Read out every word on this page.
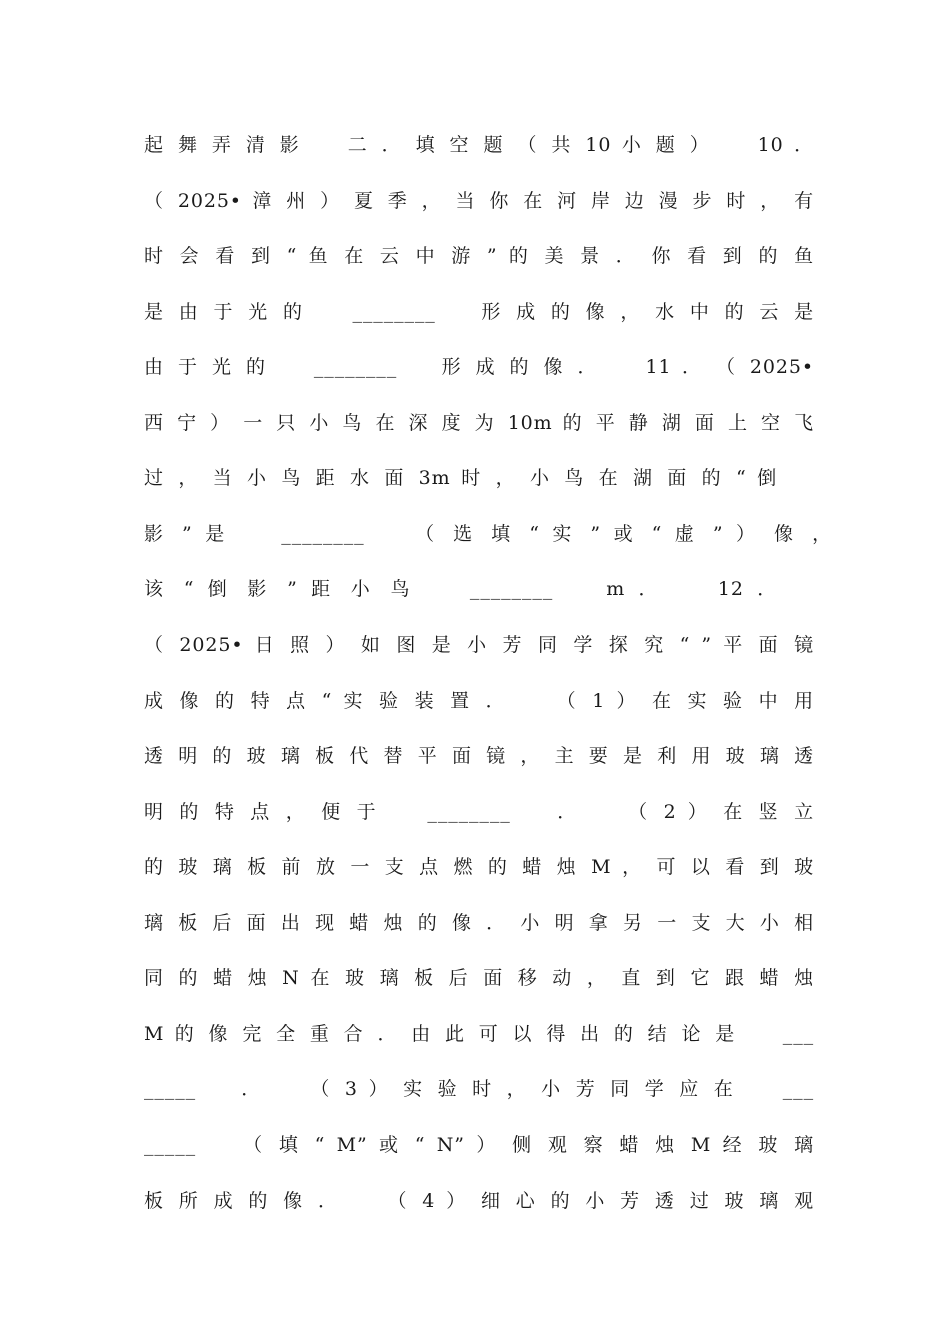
起 舞 弄 清 影 　 二 ． 填 空 题 （ 共 10 小 题 ） 　 10 ．
（ 2025• 漳 州 ） 夏 季 ， 当 你 在 河 岸 边 漫 步 时 ， 有
时 会 看 到 “ 鱼 在 云 中 游 ” 的 美 景 ． 你 看 到 的 鱼
是 由 于 光 的 　 ________ 　 形 成 的 像 ， 水 中 的 云 是
由 于 光 的 　 ________ 　 形 成 的 像 ． 　 11 ． （ 2025•
西 宁 ） 一 只 小 鸟 在 深 度 为 10m 的 平 静 湖 面 上 空 飞
过 ， 当 小 鸟 距 水 面 3m 时 ， 小 鸟 在 湖 面 的 “ 倒 　
影 ” 是 　 ________ 　 （ 选 填 “ 实 ” 或 “ 虚 ” ） 像 ，
该 “ 倒 影 ” 距 小 鸟 　 ________ 　 m ． 　 12 ． 　
（ 2025• 日 照 ） 如 图 是 小 芳 同 学 探 究 “ ” 平 面 镜
成 像 的 特 点 “ 实 验 装 置 ． 　 （ 1 ） 在 实 验 中 用
透 明 的 玻 璃 板 代 替 平 面 镜 ， 主 要 是 利 用 玻 璃 透
明 的 特 点 ， 便 于 　 ________ 　 ． 　 （ 2 ） 在 竖 立
的 玻 璃 板 前 放 一 支 点 燃 的 蜡 烛 M ， 可 以 看 到 玻
璃 板 后 面 出 现 蜡 烛 的 像 ． 小 明 拿 另 一 支 大 小 相
同 的 蜡 烛 N 在 玻 璃 板 后 面 移 动 ， 直 到 它 跟 蜡 烛
M 的 像 完 全 重 合 ． 由 此 可 以 得 出 的 结 论 是 　 ___
_____ 　 ． 　 （ 3 ） 实 验 时 ， 小 芳 同 学 应 在 　 ___
_____ 　 （ 填 “ M” 或 “ N” ） 侧 观 察 蜡 烛 M 经 玻 璃
板 所 成 的 像 ． 　 （ 4 ） 细 心 的 小 芳 透 过 玻 璃 观
